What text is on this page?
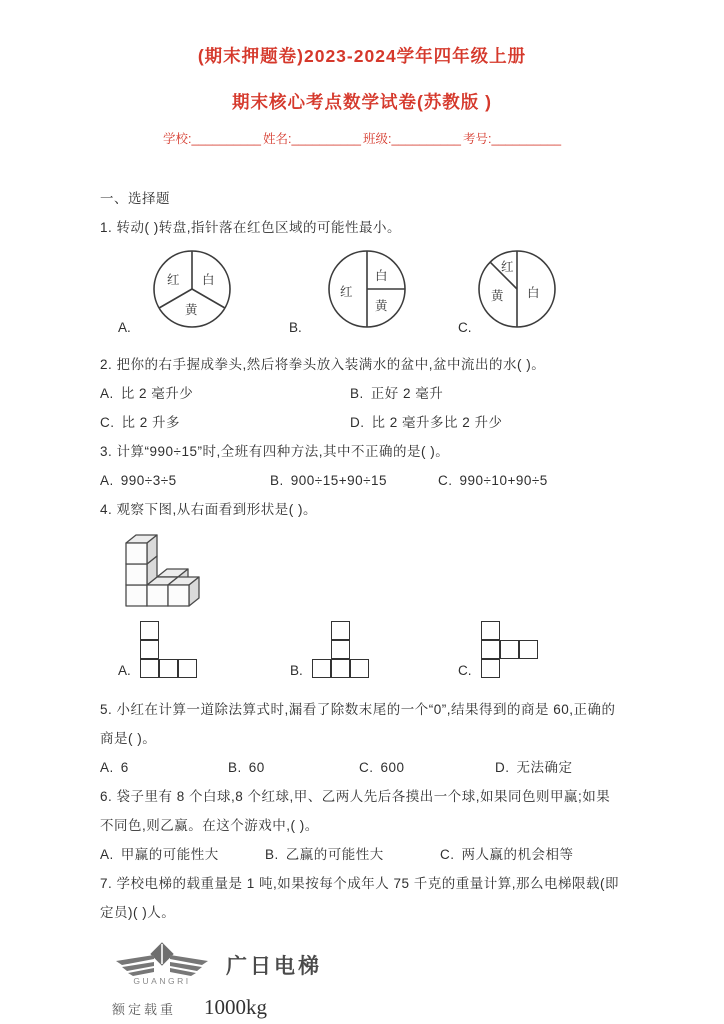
(期末押题卷)2023-2024学年四年级上册
期末核心考点数学试卷(苏教版 )
学校:__________ 姓名:__________ 班级:__________ 考号:__________
一、选择题
1. 转动( )转盘,指针落在红色区域的可能性最小。
红 白
黄
红
白
黄
红
黄 白
A.	B.	C.
2. 把你的右手握成拳头,然后将拳头放入装满水的盆中,盆中流出的水( )。
A. 比 2 毫升少	B. 正好 2 毫升
C. 比 2 升多	D. 比 2 毫升多比 2 升少
3. 计算“990÷15”时,全班有四种方法,其中不正确的是( )。
A. 990÷3÷5	B. 900÷15+90÷15	C. 990÷10+90÷5
4. 观察下图,从右面看到形状是( )。
A.	B.	C.
5. 小红在计算一道除法算式时,漏看了除数末尾的一个“0”,结果得到的商是 60,正确的商是( )。
A. 6	B. 60	C. 600	D. 无法确定
6. 袋子里有 8 个白球,8 个红球,甲、乙两人先后各摸出一个球,如果同色则甲赢;如果不同色,则乙赢。在这个游戏中,( )。
A. 甲赢的可能性大	B. 乙赢的可能性大	C. 两人赢的机会相等
7. 学校电梯的载重量是 1 吨,如果按每个成年人 75 千克的重量计算,那么电梯限载(即定员)( )人。
GUANGRI
广日电梯
额定载重 1000kg
